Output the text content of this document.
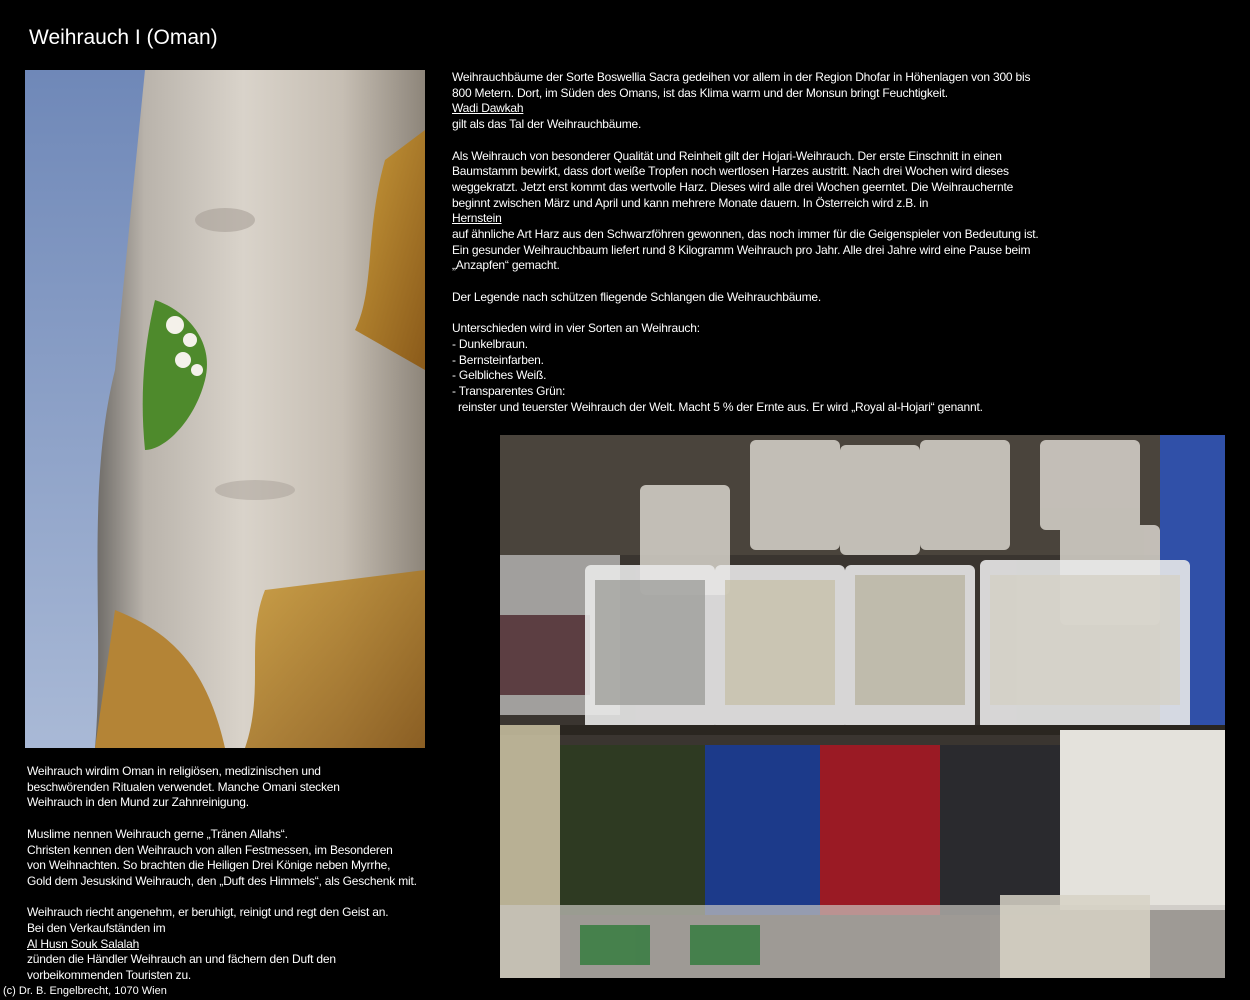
Weihrauch I (Oman)
Weihrauchbäume der Sorte Boswellia Sacra gedeihen vor allem in der Region Dhofar in Höhenlagen von 300 bis
800 Metern. Dort, im Süden des Omans, ist das Klima warm und der Monsun bringt Feuchtigkeit.
Wadi Dawkah
gilt als das Tal der Weihrauchbäume.
Als Weihrauch von besonderer Qualität und Reinheit gilt der Hojari-Weihrauch. Der erste Einschnitt in einen
Baumstamm bewirkt, dass dort weiße Tropfen noch wertlosen Harzes austritt. Nach drei Wochen wird dieses
weggekratzt. Jetzt erst kommt das wertvolle Harz. Dieses wird alle drei Wochen geerntet. Die Weihrauchernte
beginnt zwischen März und April und kann mehrere Monate dauern. In Österreich wird z.B. in
Hernstein
auf ähnliche Art Harz aus den Schwarzföhren gewonnen, das noch immer für die Geigenspieler von Bedeutung ist.
Ein gesunder Weihrauchbaum liefert rund 8 Kilogramm Weihrauch pro Jahr. Alle drei Jahre wird eine Pause beim
„Anzapfen“ gemacht.
Der Legende nach schützen fliegende Schlangen die Weihrauchbäume.
Unterschieden wird in vier Sorten an Weihrauch:
- Dunkelbraun.
- Bernsteinfarben.
- Gelbliches Weiß.
- Transparentes Grün:
reinster und teuerster Weihrauch der Welt. Macht 5 % der Ernte aus. Er wird „Royal al-Hojari“ genannt.
Weihrauch wirdim Oman in religiösen, medizinischen und
beschwörenden Ritualen verwendet. Manche Omani stecken
Weihrauch in den Mund zur Zahnreinigung.
Muslime nennen Weihrauch gerne „Tränen Allahs“.
Christen kennen den Weihrauch von allen Festmessen, im Besonderen
von Weihnachten. So brachten die Heiligen Drei Könige neben Myrrhe,
Gold dem Jesuskind Weihrauch, den „Duft des Himmels“, als Geschenk mit.
Weihrauch riecht angenehm, er beruhigt, reinigt und regt den Geist an.
Bei den Verkaufständen im
Al Husn Souk Salalah
zünden die Händler Weihrauch an und fächern den Duft den
vorbeikommenden Touristen zu.
(c) Dr. B. Engelbrecht, 1070 Wien
